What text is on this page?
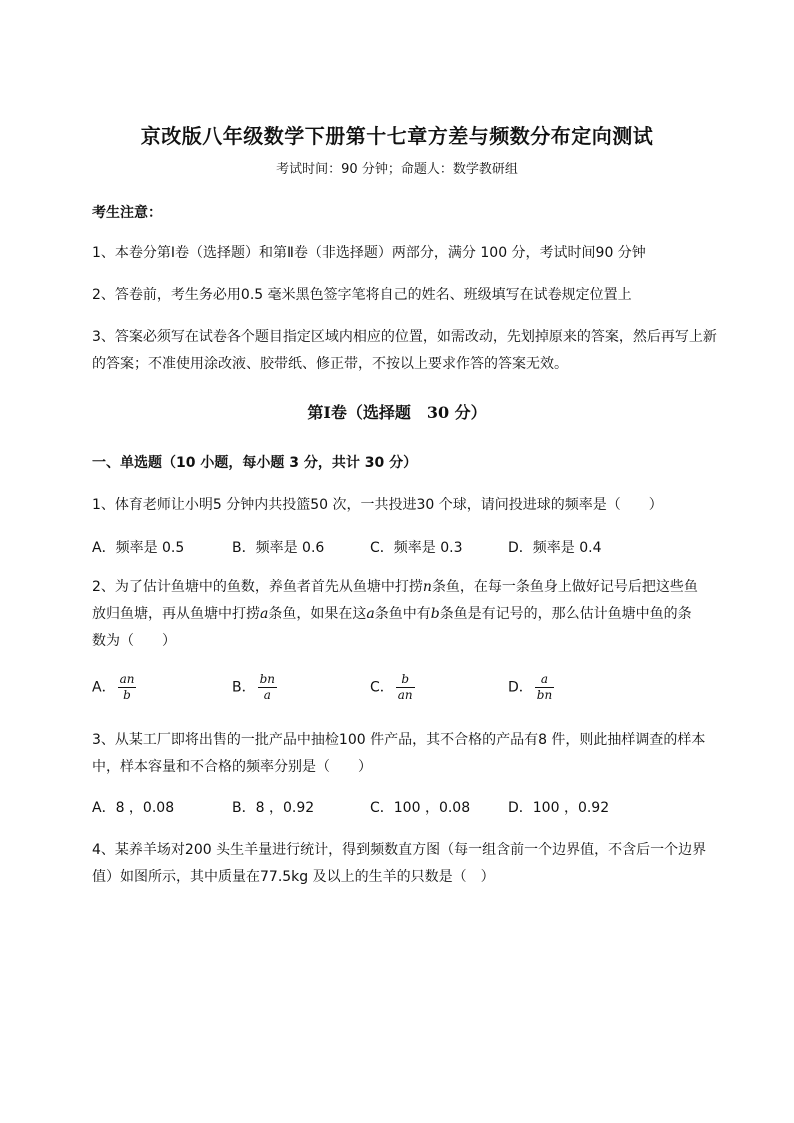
京改版八年级数学下册第十七章方差与频数分布定向测试
考试时间：90 分钟；命题人：数学教研组
考生注意：
1、本卷分第Ⅰ卷（选择题）和第Ⅱ卷（非选择题）两部分，满分 100 分，考试时间90 分钟
2、答卷前，考生务必用0.5 毫米黑色签字笔将自己的姓名、班级填写在试卷规定位置上
3、答案必须写在试卷各个题目指定区域内相应的位置，如需改动，先划掉原来的答案，然后再写上新
的答案；不准使用涂改液、胶带纸、修正带，不按以上要求作答的答案无效。
第Ⅰ卷（选择题　30 分）
一、单选题（10 小题，每小题 3 分，共计 30 分）
1、体育老师让小明5 分钟内共投篮50 次，一共投进30 个球，请问投进球的频率是（　　）
A．频率是 0.5	B．频率是 0.6	C．频率是 0.3	D．频率是 0.4
2、为了估计鱼塘中的鱼数，养鱼者首先从鱼塘中打捞n条鱼，在每一条鱼身上做好记号后把这些鱼
放归鱼塘，再从鱼塘中打捞a条鱼，如果在这a条鱼中有b条鱼是有记号的，那么估计鱼塘中鱼的条
数为（　　）
A． $\frac{an}{b}$	B． $\frac{bn}{a}$	C． $\frac{b}{an}$	D． $\frac{a}{bn}$
3、从某工厂即将出售的一批产品中抽检100 件产品，其不合格的产品有8 件，则此抽样调查的样本
中，样本容量和不合格的频率分别是（　　）
A．8 ，0.08	B．8 ，0.92	C．100 ，0.08	D．100 ，0.92
4、某养羊场对200 头生羊量进行统计，得到频数直方图（每一组含前一个边界值，不含后一个边界
值）如图所示，其中质量在77.5kg 及以上的生羊的只数是（　）
